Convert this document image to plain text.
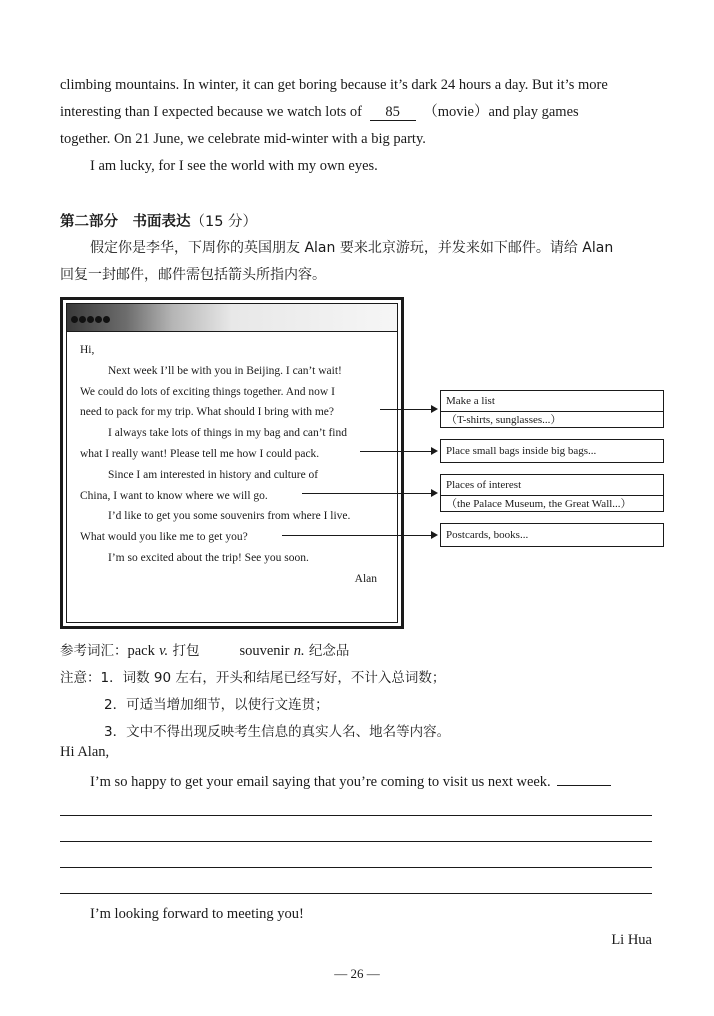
climbing mountains. In winter, it can get boring because it’s dark 24 hours a day. But it’s more
interesting than I expected because we watch lots of 85 （movie）and play games
together. On 21 June, we celebrate mid-winter with a big party.
I am lucky, for I see the world with my own eyes.
第二部分　书面表达（15 分）
假定你是李华，下周你的英国朋友 Alan 要来北京游玩，并发来如下邮件。请给 Alan
回复一封邮件，邮件需包括箭头所指内容。
Hi,
Next week I’ll be with you in Beijing. I can’t wait!
We could do lots of exciting things together. And now I
need to pack for my trip. What should I bring with me?
I always take lots of things in my bag and can’t find
what I really want! Please tell me how I could pack.
Since I am interested in history and culture of
China, I want to know where we will go.
I’d like to get you some souvenirs from where I live.
What would you like me to get you?
I’m so excited about the trip! See you soon.
Alan
Make a list
（T-shirts, sunglasses...）
Place small bags inside big bags...
Places of interest
（the Palace Museum, the Great Wall...）
Postcards, books...
参考词汇：pack v. 打包	souvenir n. 纪念品
注意：1．词数 90 左右，开头和结尾已经写好，不计入总词数；
2．可适当增加细节，以使行文连贯；
3．文中不得出现反映考生信息的真实人名、地名等内容。
Hi Alan,
I’m so happy to get your email saying that you’re coming to visit us next week.
I’m looking forward to meeting you!
Li Hua
— 26 —
